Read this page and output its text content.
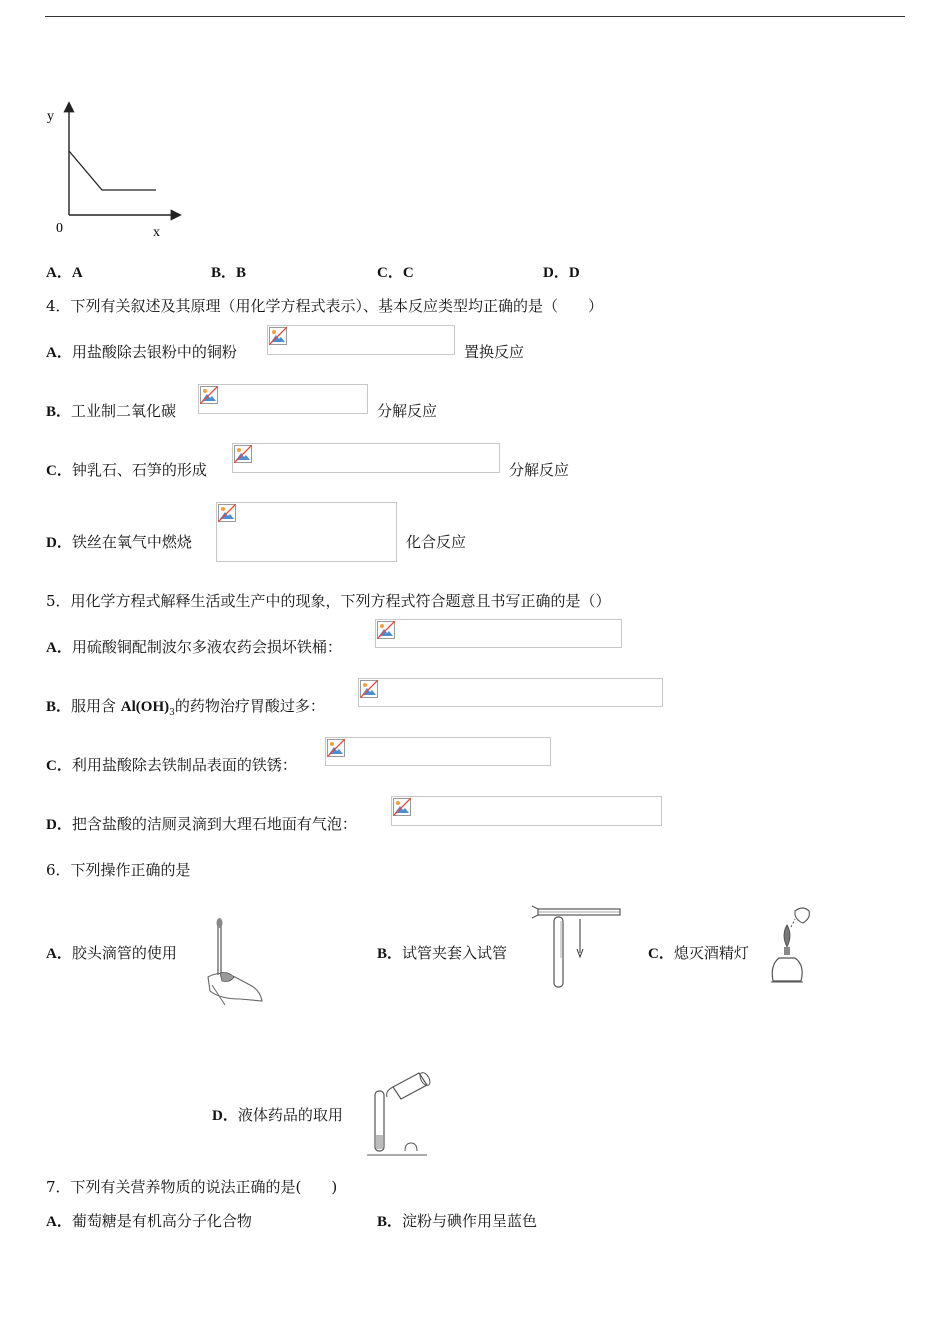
y
x
0
A．A	B．B	C．C	D．D
4．下列有关叙述及其原理（用化学方程式表示）、基本反应类型均正确的是（　　）
A．用盐酸除去银粉中的铜粉	置换反应
B．工业制二氧化碳	分解反应
C．钟乳石、石笋的形成	分解反应
D．铁丝在氧气中燃烧	化合反应
5．用化学方程式解释生活或生产中的现象，下列方程式符合题意且书写正确的是（）
A．用硫酸铜配制波尔多液农药会损坏铁桶：
B．服用含 $Al(OH)_3$的药物治疗胃酸过多：
C．利用盐酸除去铁制品表面的铁锈：
D．把含盐酸的洁厕灵滴到大理石地面有气泡：
6．下列操作正确的是
A．胶头滴管的使用	B．试管夹套入试管	C．熄灭酒精灯
D．液体药品的取用
7．下列有关营养物质的说法正确的是(　　)
A．葡萄糖是有机高分子化合物	B．淀粉与碘作用呈蓝色
